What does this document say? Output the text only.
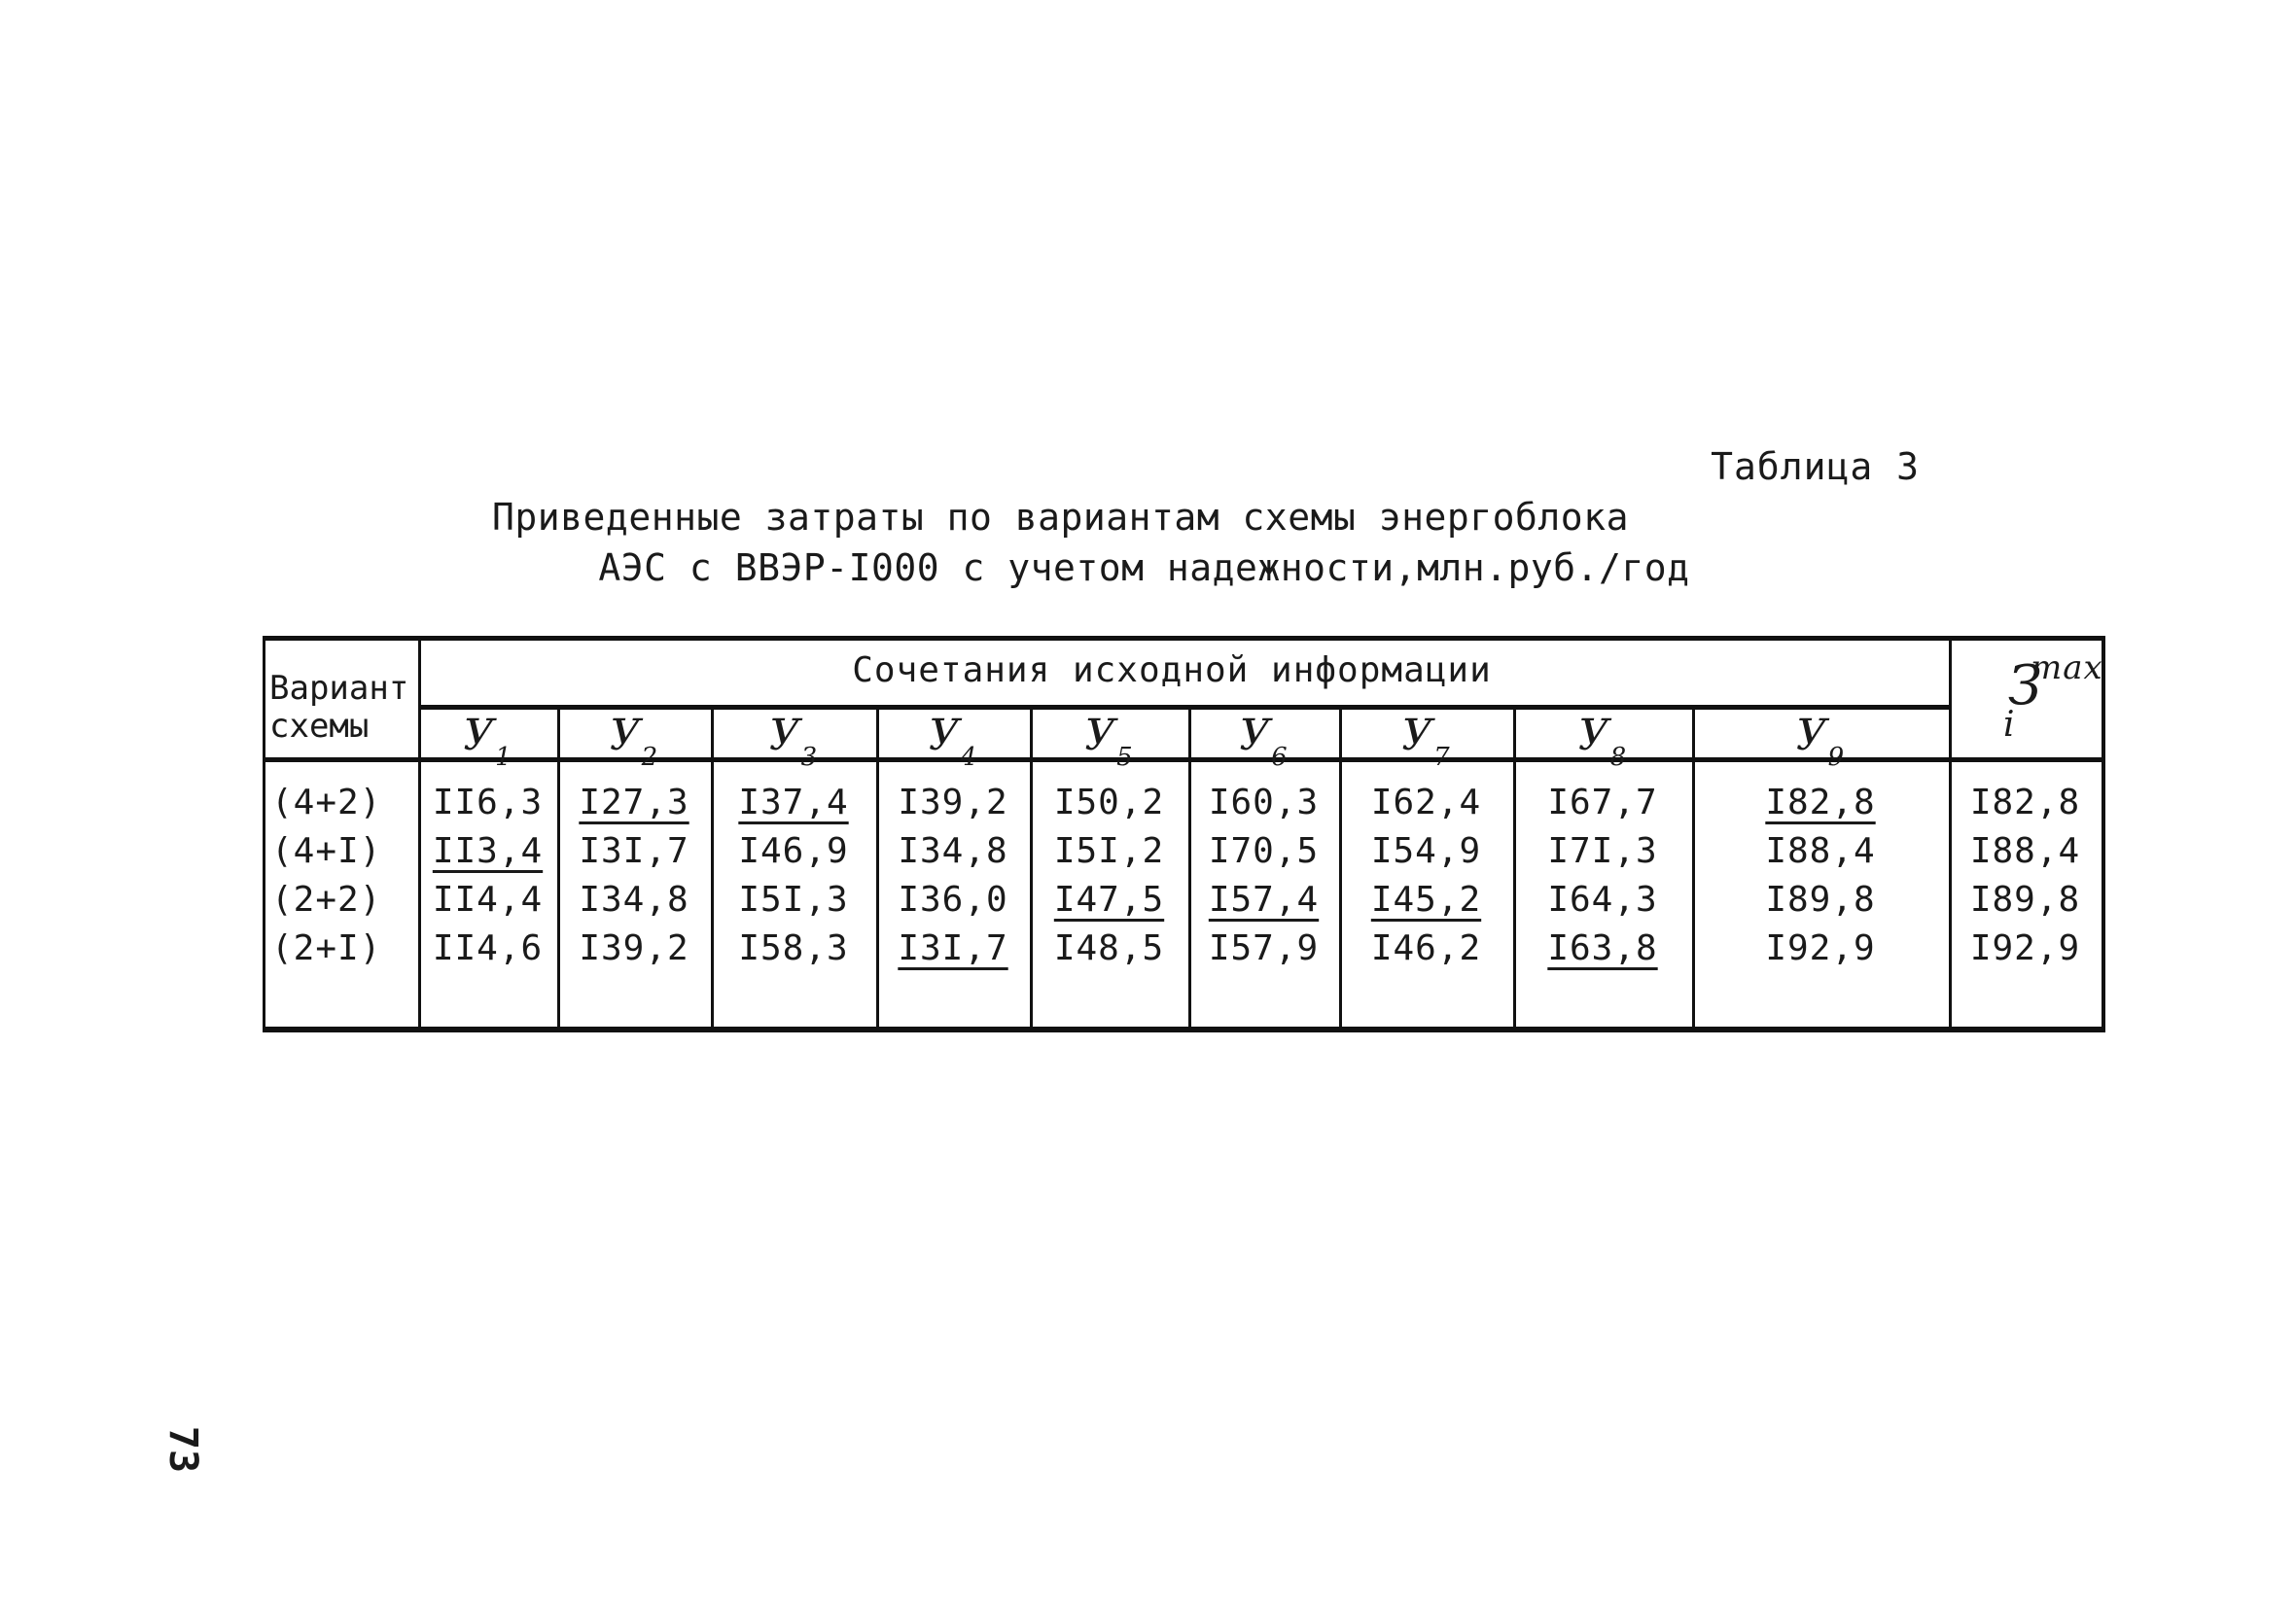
Таблица 3
Приведенные затраты по вариантам схемы энергоблока
АЭС с ВВЭР-I000 с учетом надежности,млн.руб./год
Вариант
схемы
Сочетания исходной информации	З
max
i
$У_1$	$У_2$	$У_3$	$У_4$	$У_5$	$У_6$	$У_7$	$У_8$	$У_9$
(4+2)	II6,3	I27,3	I37,4	I39,2	I50,2	I60,3	I62,4	I67,7	I82,8	I82,8
(4+I)	II3,4	I3I,7	I46,9	I34,8	I5I,2	I70,5	I54,9	I7I,3	I88,4	I88,4
(2+2)	II4,4	I34,8	I5I,3	I36,0	I47,5	I57,4	I45,2	I64,3	I89,8	I89,8
(2+I)	II4,6	I39,2	I58,3	I3I,7	I48,5	I57,9	I46,2	I63,8	I92,9	I92,9
73
